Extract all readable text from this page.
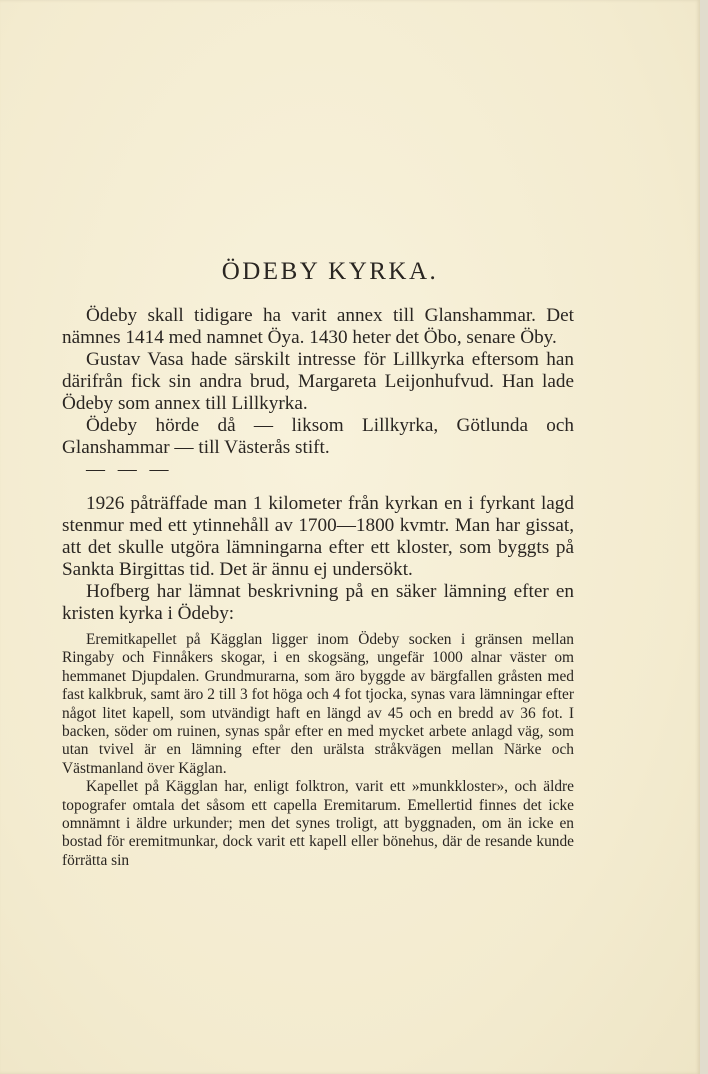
ÖDEBY KYRKA.

Ödeby skall tidigare ha varit annex till Glanshammar. Det nämnes 1414 med namnet Öya. 1430 heter det Öbo, senare Öby.

Gustav Vasa hade särskilt intresse för Lillkyrka eftersom han därifrån fick sin andra brud, Margareta Leijonhufvud. Han lade Ödeby som annex till Lillkyrka.

Ödeby hörde då — liksom Lillkyrka, Götlunda och Glanshammar — till Västerås stift.

— — —

1926 påträffade man 1 kilometer från kyrkan en i fyrkant lagd stenmur med ett ytinnehåll av 1700—1800 kvmtr. Man har gissat, att det skulle utgöra lämningarna efter ett kloster, som byggts på Sankta Birgittas tid. Det är ännu ej undersökt.

Hofberg har lämnat beskrivning på en säker lämning efter en kristen kyrka i Ödeby:

Eremitkapellet på Kägglan ligger inom Ödeby socken i gränsen mellan Ringaby och Finnåkers skogar, i en skogsäng, ungefär 1000 alnar väster om hemmanet Djupdalen. Grundmurarna, som äro byggde av bärgfallen gråsten med fast kalkbruk, samt äro 2 till 3 fot höga och 4 fot tjocka, synas vara lämningar efter något litet kapell, som utvändigt haft en längd av 45 och en bredd av 36 fot. I backen, söder om ruinen, synas spår efter en med mycket arbete anlagd väg, som utan tvivel är en lämning efter den urälsta stråkvägen mellan Närke och Västmanland över Käglan.

Kapellet på Kägglan har, enligt folktron, varit ett »munkkloster», och äldre topografer omtala det såsom ett capella Eremitarum. Emellertid finnes det icke omnämnt i äldre urkunder; men det synes troligt, att byggnaden, om än icke en bostad för eremitmunkar, dock varit ett kapell eller bönehus, där de resande kunde förrätta sin
